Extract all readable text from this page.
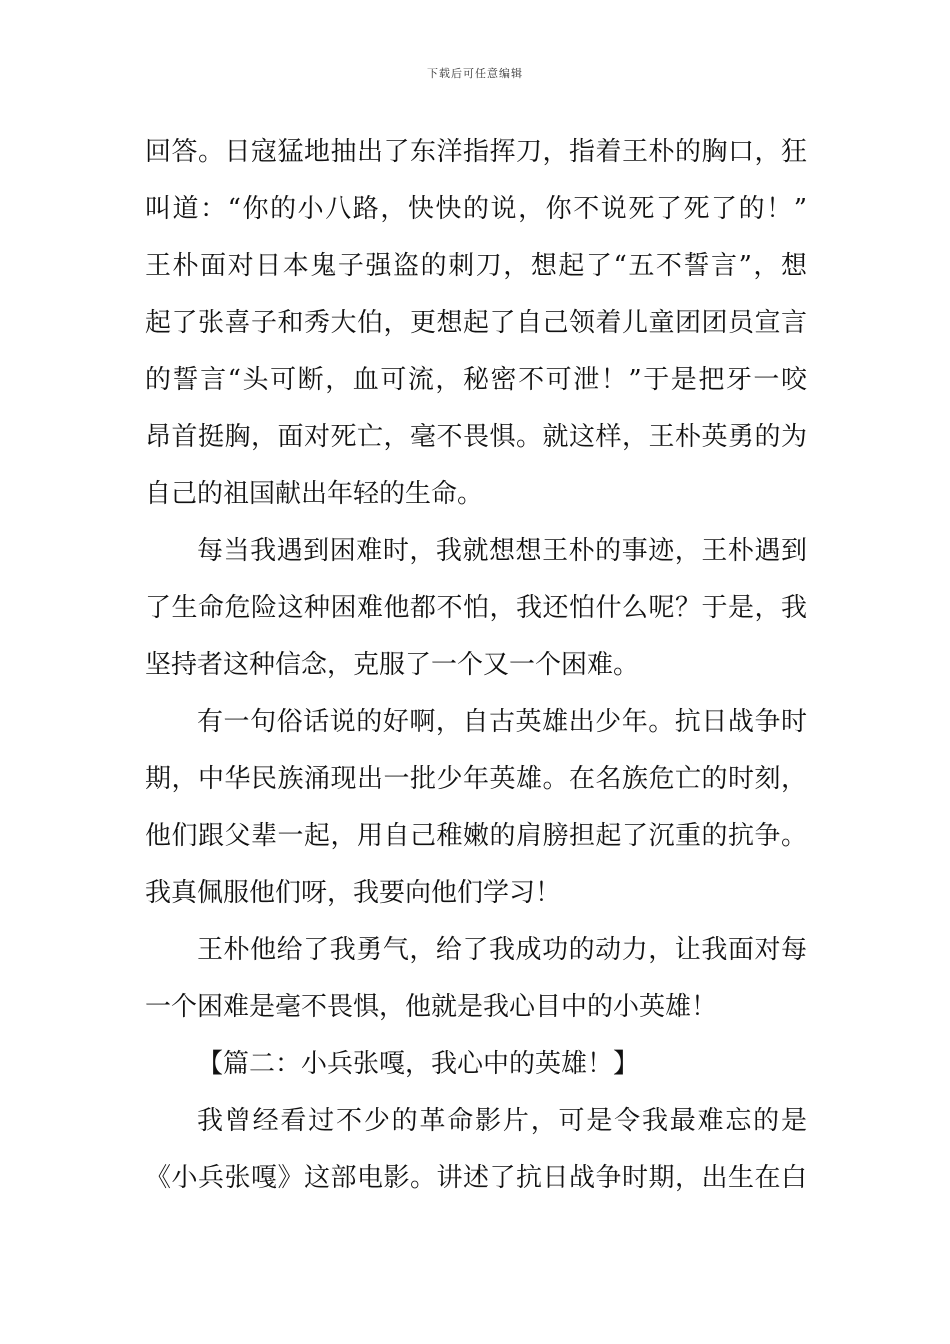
下载后可任意编辑
回答。日寇猛地抽出了东洋指挥刀，指着王朴的胸口，狂
叫道：“你的小八路，快快的说，你不说死了死了的！”
王朴面对日本鬼子强盗的刺刀，想起了“五不誓言”，想
起了张喜子和秀大伯，更想起了自己领着儿童团团员宣言
的誓言“头可断，血可流，秘密不可泄！”于是把牙一咬
昂首挺胸，面对死亡，毫不畏惧。就这样，王朴英勇的为
自己的祖国献出年轻的生命。
每当我遇到困难时，我就想想王朴的事迹，王朴遇到
了生命危险这种困难他都不怕，我还怕什么呢？于是，我
坚持者这种信念，克服了一个又一个困难。
有一句俗话说的好啊，自古英雄出少年。抗日战争时
期，中华民族涌现出一批少年英雄。在名族危亡的时刻，
他们跟父辈一起，用自己稚嫩的肩膀担起了沉重的抗争。
我真佩服他们呀，我要向他们学习！
王朴他给了我勇气，给了我成功的动力，让我面对每
一个困难是毫不畏惧，他就是我心目中的小英雄！
【篇二：小兵张嘎，我心中的英雄！】
我曾经看过不少的革命影片，可是令我最难忘的是
《小兵张嘎》这部电影。讲述了抗日战争时期，出生在白
